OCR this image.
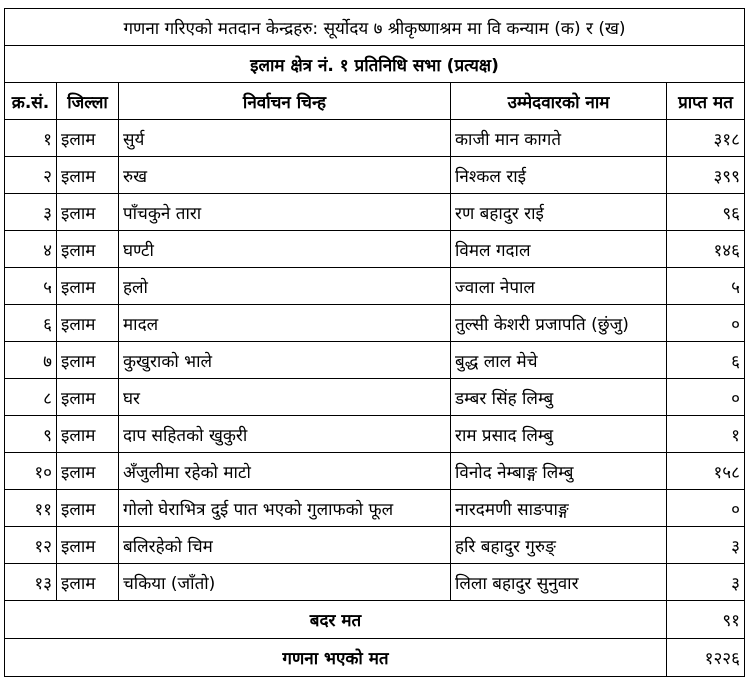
गणना गरिएको मतदान केन्द्रहरु: सूर्योदय ७ श्रीकृष्णाश्रम मा वि कन्याम (क) र (ख)				
इलाम क्षेत्र नं. १ प्रतिनिधि सभा (प्रत्यक्ष)				
क्र.सं.	जिल्ला	निर्वाचन चिन्ह	उम्मेदवारको नाम	प्राप्त मत
१	इलाम	सुर्य	काजी मान कागते	३१८
२	इलाम	रुख	निश्कल राई	३९९
३	इलाम	पाँचकुने तारा	रण बहादुर राई	९६
४	इलाम	घण्टी	विमल गदाल	१४६
५	इलाम	हलो	ज्वाला नेपाल	५
६	इलाम	मादल	तुल्सी केशरी प्रजापति (छुंजु)	०
७	इलाम	कुखुराको भाले	बुद्ध लाल मेचे	६
८	इलाम	घर	डम्बर सिंह लिम्बु	०
९	इलाम	दाप सहितको खुकुरी	राम प्रसाद लिम्बु	१
१०	इलाम	अँजुलीमा रहेको माटो	विनोद नेम्बाङ्ग लिम्बु	१५८
११	इलाम	गोलो घेराभित्र दुई पात भएको गुलाफको फूल	नारदमणी साङपाङ्ग	०
१२	इलाम	बलिरहेको चिम	हरि बहादुर गुरुङ्	३
१३	इलाम	चकिया (जाँतो)	लिला बहादुर सुनुवार	३
बदर मत				९१
गणना भएको मत				१२२६
